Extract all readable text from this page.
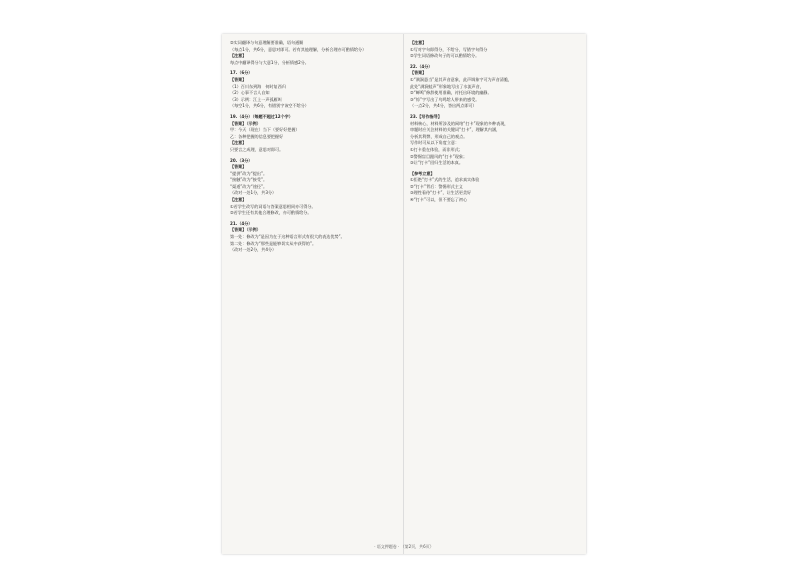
②实词翻译与句意理解要准确，语句通顺
（每点1分，共6分，意思对即可。若有其他理解，分析合理亦可酌情给分）
【注意】
每点中翻译得分与大意1分，分析情感2分。
17.（6分）
【答案】
（1）百川东到海　何时复西归
（2）心事不言人自知
（3）示例：江上一声孤雁叫
（每空1分，共6分，有错别字该空不给分）
19.（4分）（每题不超过12个字）
【答案】（示例）
甲：今天（现在）当下（要好好把握）
乙：各种把握的信息要把握好
【注意】
只要言之成理，意思对即可。
20.（3分）
【答案】
“提供”改为“提出”。
“接触”改为“接受”。
“渠道”改为“途径”。
（改对一处1分，共3分）
【注意】
①若学生改写的词语与答案意思相同亦可得分。
②若学生还有其他合理修改，亦可酌情给分。
21.（4分）
【答案】（示例）
第一处：修改为“是因为在于这种语言形式有很大的表达优势”。
第二处：修改为“那些是能够切实从中获得的”。
（改对一处2分，共4分）
【注意】
①写对字句即得分，不给分，写错字句得分
②学生词语修改句子的可以酌情给分。
22.（4分）
【答案】
①“满涧悬当”是其声音意象，此声调象字可为声音清脆，
此处“满涧蛙声”形象地写出了水流声音，
②“蝉鸣”修辞使用准确，衬托出环境的幽静。
③“惊”字写出了鸟鸣给人带来的感受。
（一点2分，共4分，答出两点即可）
23.【写作指导】
材料核心，材料所涉及的网络“打卡”现象的多种表现，
审题时应关注材料的关键词“打卡”，理解其内涵，
分析其利弊，形成自己的观点。
写作时可从以下角度立意：
①打卡重在体验，而非形式；
②警惕盲目跟风的“打卡”现象；
③让“打卡”回归生活的本真。
【参考立意】
①拒绝“打卡”式的生活，追求真实体验
②“打卡”背后：警惕形式主义
③理性看待“打卡”，让生活更美好
④“打卡”可以，但不要忘了初心
· 语文押题卷 · （第2页，共6页）
